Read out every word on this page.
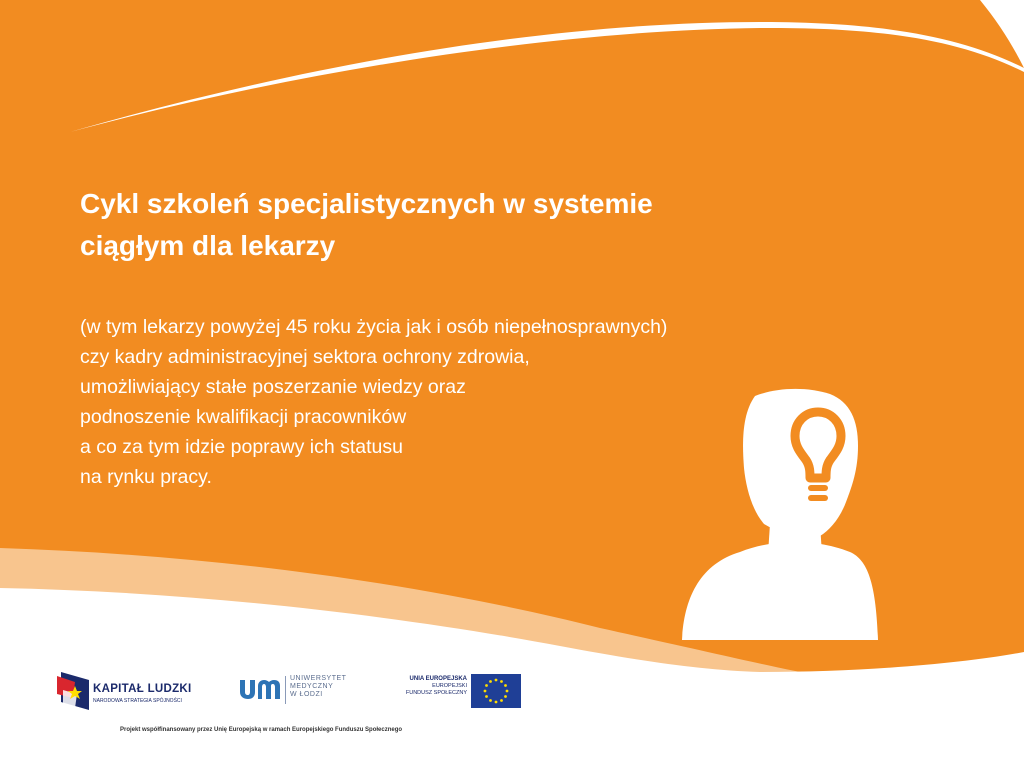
Cykl szkoleń specjalistycznych w systemie
ciągłym dla lekarzy

(w tym lekarzy powyżej 45 roku życia jak i osób niepełnosprawnych)
czy kadry administracyjnej sektora ochrony zdrowia,
umożliwiający stałe poszerzanie wiedzy oraz
podnoszenie kwalifikacji pracowników
a co za tym idzie poprawy ich statusu
na rynku pracy.

KAPITAŁ LUDZKI
NARODOWA STRATEGIA SPÓJNOŚCI
UNIWERSYTET
MEDYCZNY
W ŁODZI
UNIA EUROPEJSKA
EUROPEJSKI
FUNDUSZ SPOŁECZNY
Projekt współfinansowany przez Unię Europejską w ramach Europejskiego Funduszu Społecznego
